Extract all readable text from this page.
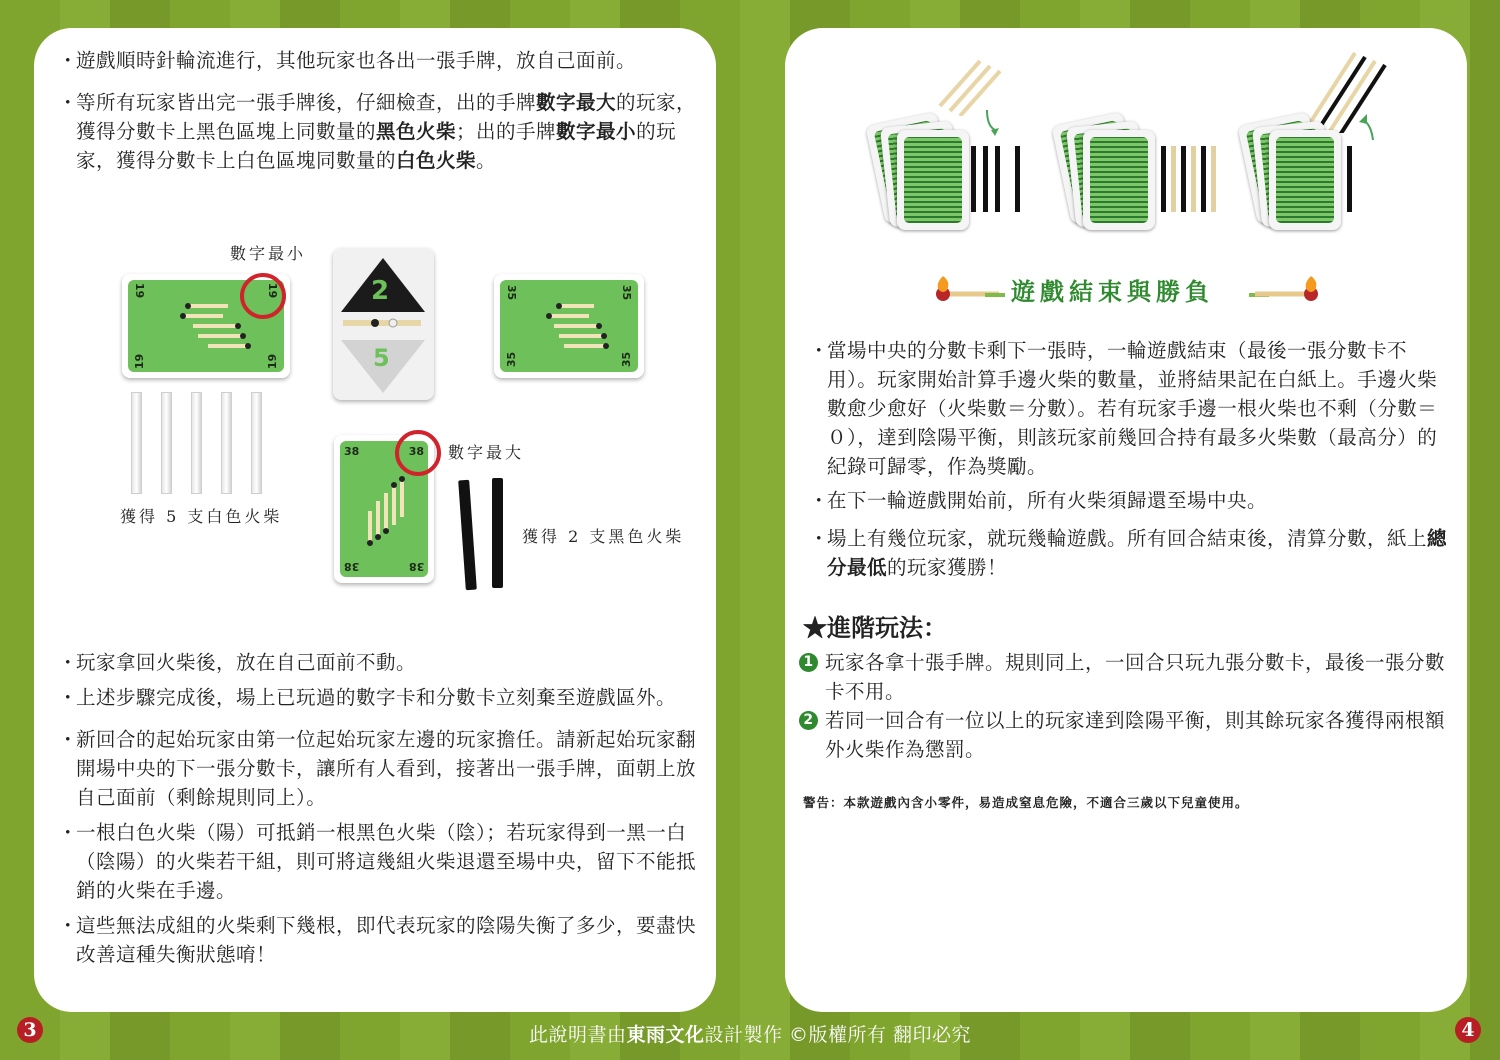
・
遊戲順時針輪流進行，其他玩家也各出一張手牌，放自己面前。
・
等所有玩家皆出完一張手牌後，仔細檢查，出的手牌數字最大的玩家，獲得分數卡上黑色區塊上同數量的黑色火柴；出的手牌數字最小的玩家，獲得分數卡上白色區塊同數量的白色火柴。
數字最小
19	19
19	19
2
5
35	35
35	35
獲得 5 支白色火柴
38	38
38	38
數字最大
獲得 2 支黑色火柴
・
玩家拿回火柴後，放在自己面前不動。
・
上述步驟完成後，場上已玩過的數字卡和分數卡立刻棄至遊戲區外。
・
新回合的起始玩家由第一位起始玩家左邊的玩家擔任。請新起始玩家翻開場中央的下一張分數卡，讓所有人看到，接著出一張手牌，面朝上放自己面前（剩餘規則同上）。
・
一根白色火柴（陽）可抵銷一根黑色火柴（陰）；若玩家得到一黑一白（陰陽）的火柴若干組，則可將這幾組火柴退還至場中央，留下不能抵銷的火柴在手邊。
・
這些無法成組的火柴剩下幾根，即代表玩家的陰陽失衡了多少，要盡快改善這種失衡狀態唷！
遊戲結束與勝負
・
當場中央的分數卡剩下一張時，一輪遊戲結束（最後一張分數卡不用）。玩家開始計算手邊火柴的數量，並將結果記在白紙上。手邊火柴數愈少愈好（火柴數＝分數）。若有玩家手邊一根火柴也不剩（分數＝０），達到陰陽平衡，則該玩家前幾回合持有最多火柴數（最高分）的紀錄可歸零，作為獎勵。
・
在下一輪遊戲開始前，所有火柴須歸還至場中央。
・
場上有幾位玩家，就玩幾輪遊戲。所有回合結束後，清算分數，紙上總分最低的玩家獲勝！
★進階玩法：
1 玩家各拿十張手牌。規則同上，一回合只玩九張分數卡，最後一張分數卡不用。
2 若同一回合有一位以上的玩家達到陰陽平衡，則其餘玩家各獲得兩根額外火柴作為懲罰。
警告：本款遊戲內含小零件，易造成窒息危險，不適合三歲以下兒童使用。
3	4
此說明書由東雨文化設計製作 ©版權所有 翻印必究
